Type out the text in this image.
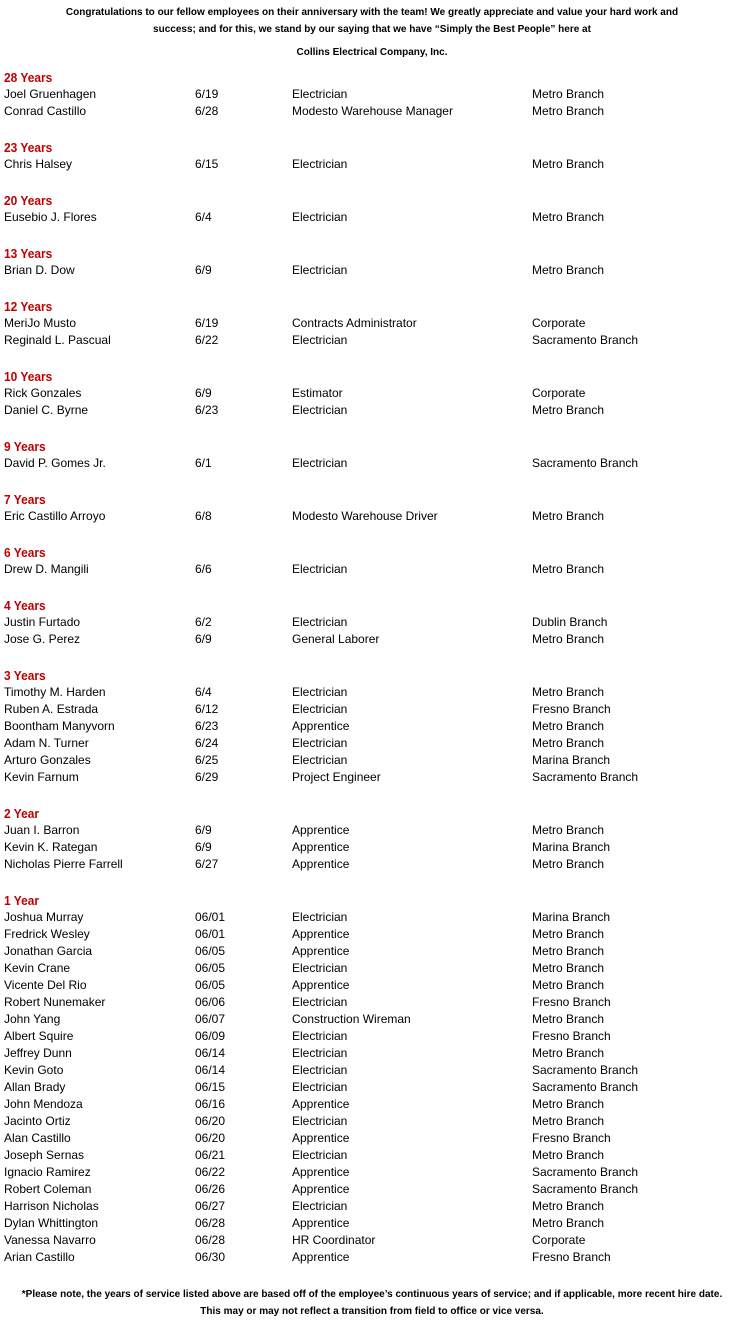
Congratulations to our fellow employees on their anniversary with the team! We greatly appreciate and value your hard work and
success; and for this, we stand by our saying that we have “Simply the Best People” here at
Collins Electrical Company, Inc.
28 Years
Joel Gruenhagen	6/19	Electrician	Metro Branch
Conrad Castillo	6/28	Modesto Warehouse Manager	Metro Branch
23 Years
Chris Halsey	6/15	Electrician	Metro Branch
20 Years
Eusebio J. Flores	6/4	Electrician	Metro Branch
13 Years
Brian D. Dow	6/9	Electrician	Metro Branch
12 Years
MeriJo Musto	6/19	Contracts Administrator	Corporate
Reginald L. Pascual	6/22	Electrician	Sacramento Branch
10 Years
Rick Gonzales	6/9	Estimator	Corporate
Daniel C. Byrne	6/23	Electrician	Metro Branch
9 Years
David P. Gomes Jr.	6/1	Electrician	Sacramento Branch
7 Years
Eric Castillo Arroyo	6/8	Modesto Warehouse Driver	Metro Branch
6 Years
Drew D. Mangili	6/6	Electrician	Metro Branch
4 Years
Justin Furtado	6/2	Electrician	Dublin Branch
Jose G. Perez	6/9	General Laborer	Metro Branch
3 Years
Timothy M. Harden	6/4	Electrician	Metro Branch
Ruben A. Estrada	6/12	Electrician	Fresno Branch
Boontham Manyvorn	6/23	Apprentice	Metro Branch
Adam N. Turner	6/24	Electrician	Metro Branch
Arturo Gonzales	6/25	Electrician	Marina Branch
Kevin Farnum	6/29	Project Engineer	Sacramento Branch
2 Year
Juan I. Barron	6/9	Apprentice	Metro Branch
Kevin K. Rategan	6/9	Apprentice	Marina Branch
Nicholas Pierre Farrell	6/27	Apprentice	Metro Branch
1 Year
Joshua Murray	06/01	Electrician	Marina Branch
Fredrick Wesley	06/01	Apprentice	Metro Branch
Jonathan Garcia	06/05	Apprentice	Metro Branch
Kevin Crane	06/05	Electrician	Metro Branch
Vicente Del Rio	06/05	Apprentice	Metro Branch
Robert Nunemaker	06/06	Electrician	Fresno Branch
John Yang	06/07	Construction Wireman	Metro Branch
Albert Squire	06/09	Electrician	Fresno Branch
Jeffrey Dunn	06/14	Electrician	Metro Branch
Kevin Goto	06/14	Electrician	Sacramento Branch
Allan Brady	06/15	Electrician	Sacramento Branch
John Mendoza	06/16	Apprentice	Metro Branch
Jacinto Ortiz	06/20	Electrician	Metro Branch
Alan Castillo	06/20	Apprentice	Fresno Branch
Joseph Sernas	06/21	Electrician	Metro Branch
Ignacio Ramirez	06/22	Apprentice	Sacramento Branch
Robert Coleman	06/26	Apprentice	Sacramento Branch
Harrison Nicholas	06/27	Electrician	Metro Branch
Dylan Whittington	06/28	Apprentice	Metro Branch
Vanessa Navarro	06/28	HR Coordinator	Corporate
Arian Castillo	06/30	Apprentice	Fresno Branch
*Please note, the years of service listed above are based off of the employee’s continuous years of service; and if applicable, more recent hire date.
This may or may not reflect a transition from field to office or vice versa.
